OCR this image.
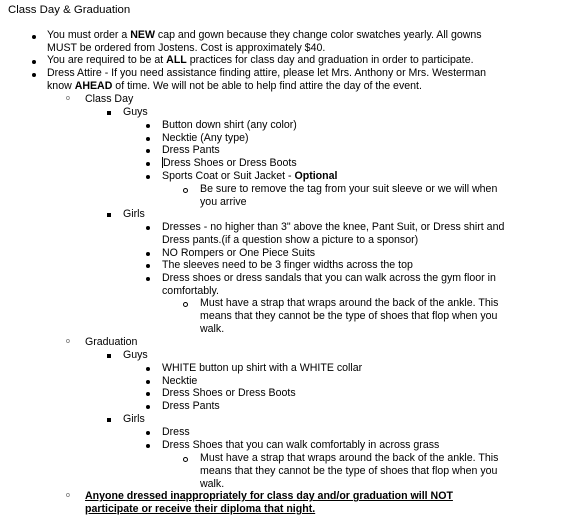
Class Day & Graduation
You must order a NEW cap and gown because they change color swatches yearly. All gowns
MUST be ordered from Jostens. Cost is approximately $40.
You are required to be at ALL practices for class day and graduation in order to participate.
Dress Attire - If you need assistance finding attire, please let Mrs. Anthony or Mrs. Westerman
know AHEAD of time. We will not be able to help find attire the day of the event.
o Class Day
Guys
Button down shirt (any color)
Necktie (Any type)
Dress Pants
Dress Shoes or Dress Boots
Sports Coat or Suit Jacket - Optional
Be sure to remove the tag from your suit sleeve or we will when
you arrive
Girls
Dresses - no higher than 3" above the knee, Pant Suit, or Dress shirt and
Dress pants.(if a question show a picture to a sponsor)
NO Rompers or One Piece Suits
The sleeves need to be 3 finger widths across the top
Dress shoes or dress sandals that you can walk across the gym floor in
comfortably.
Must have a strap that wraps around the back of the ankle. This
means that they cannot be the type of shoes that flop when you
walk.
o Graduation
Guys
WHITE button up shirt with a WHITE collar
Necktie
Dress Shoes or Dress Boots
Dress Pants
Girls
Dress
Dress Shoes that you can walk comfortably in across grass
Must have a strap that wraps around the back of the ankle. This
means that they cannot be the type of shoes that flop when you
walk.
o Anyone dressed inappropriately for class day and/or graduation will NOT
participate or receive their diploma that night.
